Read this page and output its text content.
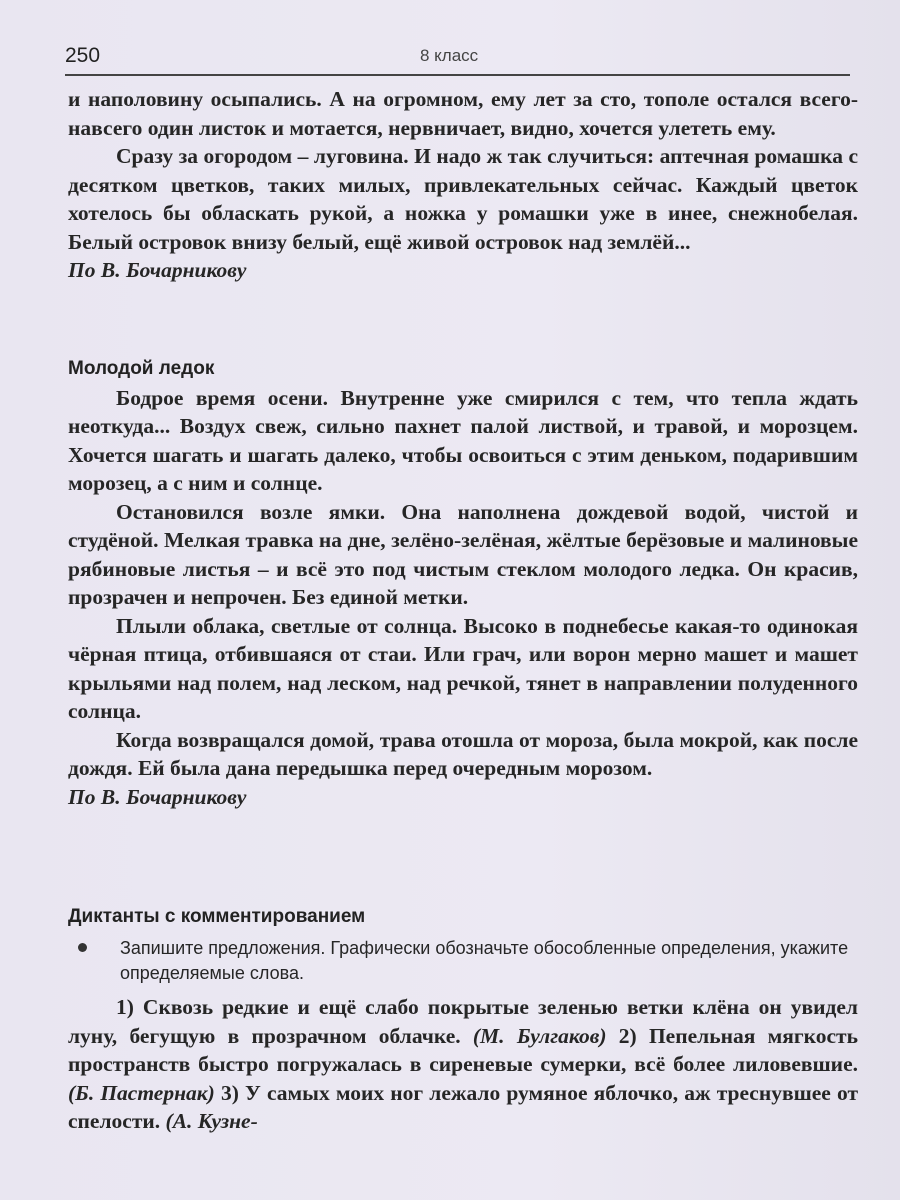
250	8 класс

и наполовину осыпались. А на огромном, ему лет за сто, тополе остался всего-навсего один листок и мотается, нервничает, видно, хочется улететь ему.

Сразу за огородом – луговина. И надо ж так случиться: аптечная ромашка с десятком цветков, таких милых, привлекательных сейчас. Каждый цветок хотелось бы обласкать рукой, а ножка у ромашки уже в инее, снежнобелая. Белый островок внизу белый, ещё живой островок над землёй...

По В. Бочарникову

Молодой ледок

Бодрое время осени. Внутренне уже смирился с тем, что тепла ждать неоткуда... Воздух свеж, сильно пахнет палой листвой, и травой, и морозцем. Хочется шагать и шагать далеко, чтобы освоиться с этим деньком, подарившим морозец, а с ним и солнце.

Остановился возле ямки. Она наполнена дождевой водой, чистой и студёной. Мелкая травка на дне, зелёно-зелёная, жёлтые берёзовые и малиновые рябиновые листья – и всё это под чистым стеклом молодого ледка. Он красив, прозрачен и непрочен. Без единой метки.

Плыли облака, светлые от солнца. Высоко в поднебесье какая-то одинокая чёрная птица, отбившаяся от стаи. Или грач, или ворон мерно машет и машет крыльями над полем, над леском, над речкой, тянет в направлении полуденного солнца.

Когда возвращался домой, трава отошла от мороза, была мокрой, как после дождя. Ей была дана передышка перед очередным морозом.

По В. Бочарникову

Диктанты с комментированием

Запишите предложения. Графически обозначьте обособленные определения, укажите определяемые слова.
1) Сквозь редкие и ещё слабо покрытые зеленью ветки клёна он увидел луну, бегущую в прозрачном облачке. (М. Булгаков) 2) Пепельная мягкость пространств быстро погружалась в сиреневые сумерки, всё более лиловевшие. (Б. Пастернак) 3) У самых моих ног лежало румяное яблочко, аж треснувшее от спелости. (А. Кузне-
